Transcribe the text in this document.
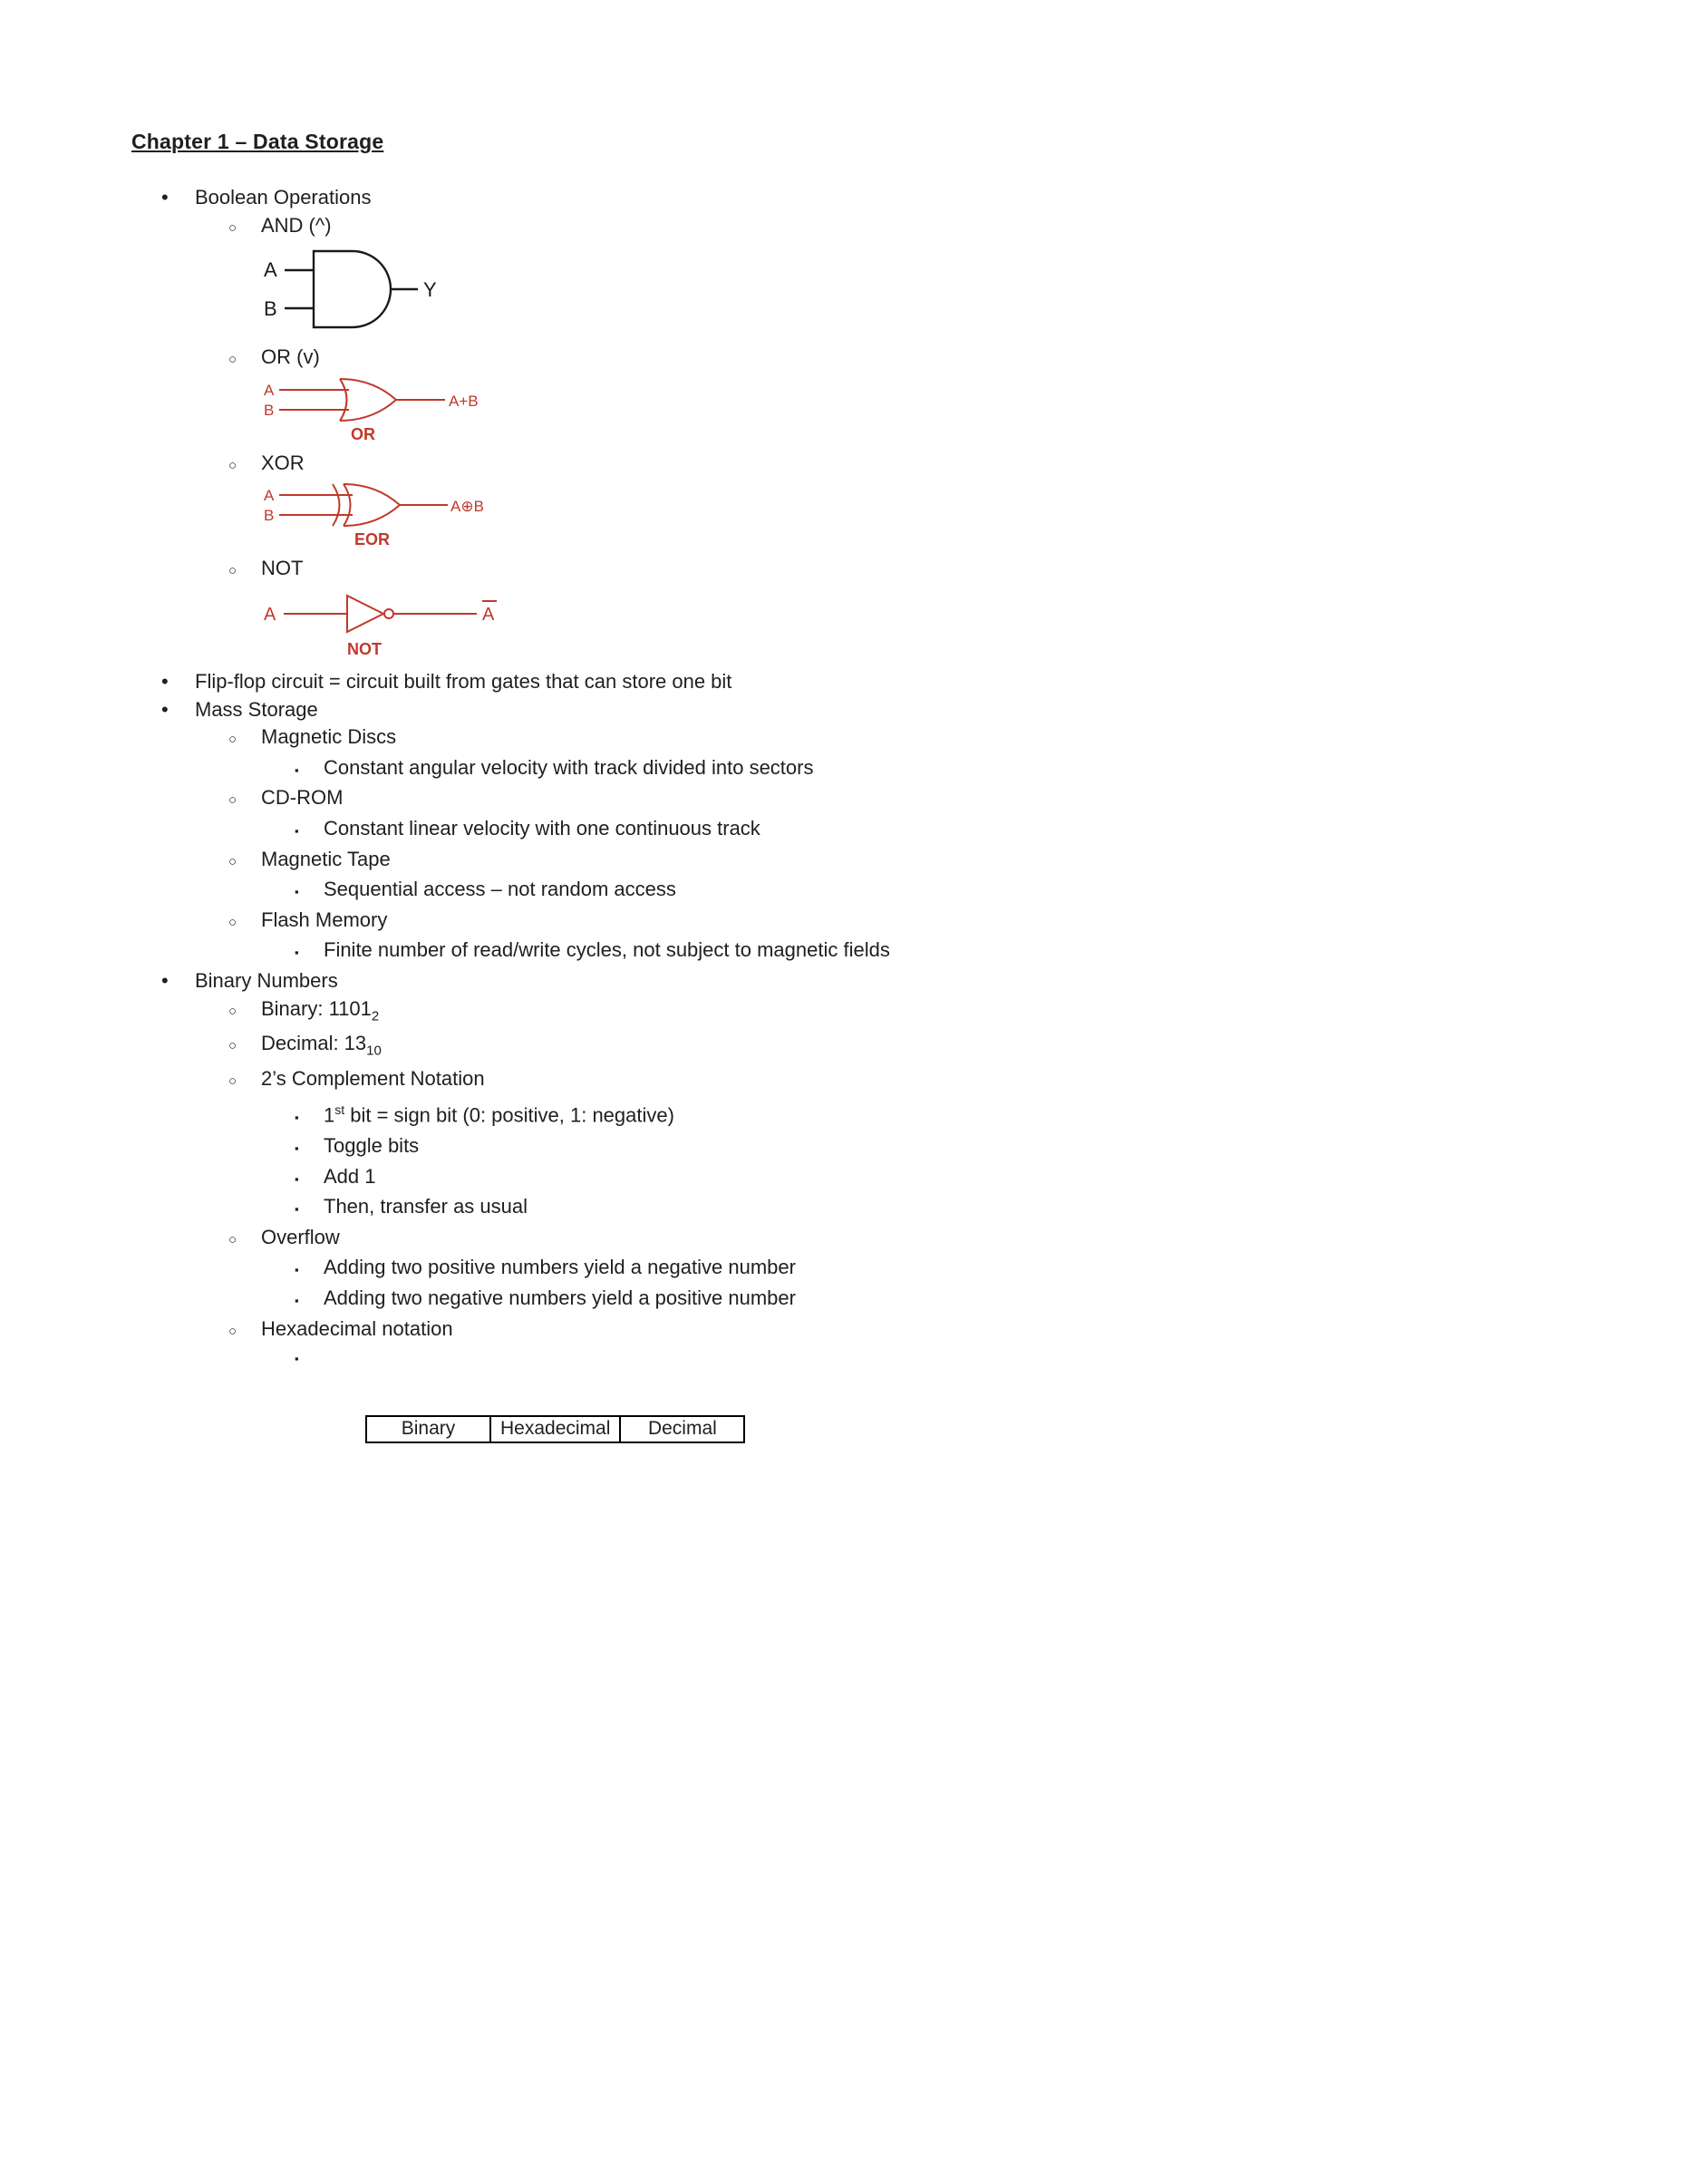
Chapter 1 – Data Storage
•	Boolean Operations
○	AND (^)
A
B
Y
○	OR (v)
A
B
A+B
OR
○	XOR
A
B
A⊕B
EOR
○	NOT
A	A
NOT
•	Flip-flop circuit = circuit built from gates that can store one bit
•	Mass Storage
○	Magnetic Discs
▪	Constant angular velocity with track divided into sectors
○	CD-ROM
▪	Constant linear velocity with one continuous track
○	Magnetic Tape
▪	Sequential access – not random access
○	Flash Memory
▪	Finite number of read/write cycles, not subject to magnetic fields
•	Binary Numbers
○	Binary: $1101_2$
○	Decimal: $13_{10}$
○	2’s Complement Notation
▪	1st bit = sign bit (0: positive, 1: negative)
▪	Toggle bits
▪	Add 1
▪	Then, transfer as usual
○	Overflow
▪	Adding two positive numbers yield a negative number
▪	Adding two negative numbers yield a positive number
○	Hexadecimal notation
▪
Binary	Hexadecimal	Decimal
